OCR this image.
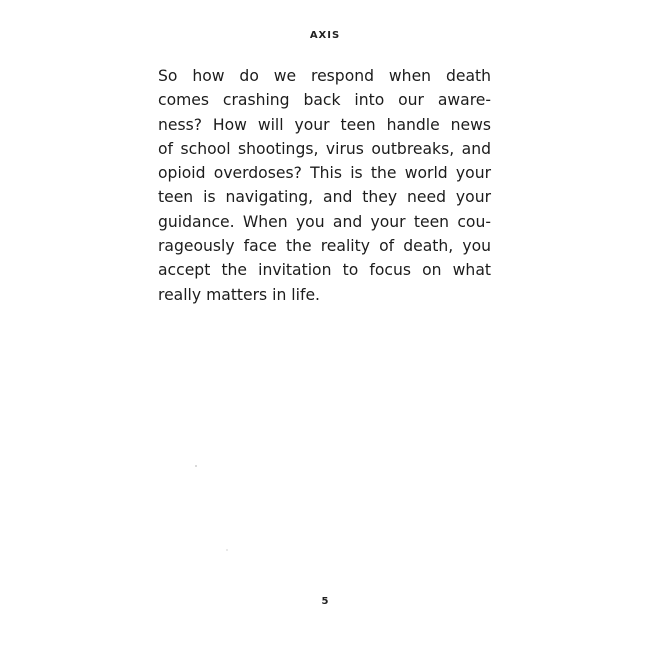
AXIS

So how do we respond when death
comes crashing back into our aware-
ness? How will your teen handle news
of school shootings, virus outbreaks, and
opioid overdoses? This is the world your
teen is navigating, and they need your
guidance. When you and your teen cou-
rageously face the reality of death, you
accept the invitation to focus on what
really matters in life.

5
